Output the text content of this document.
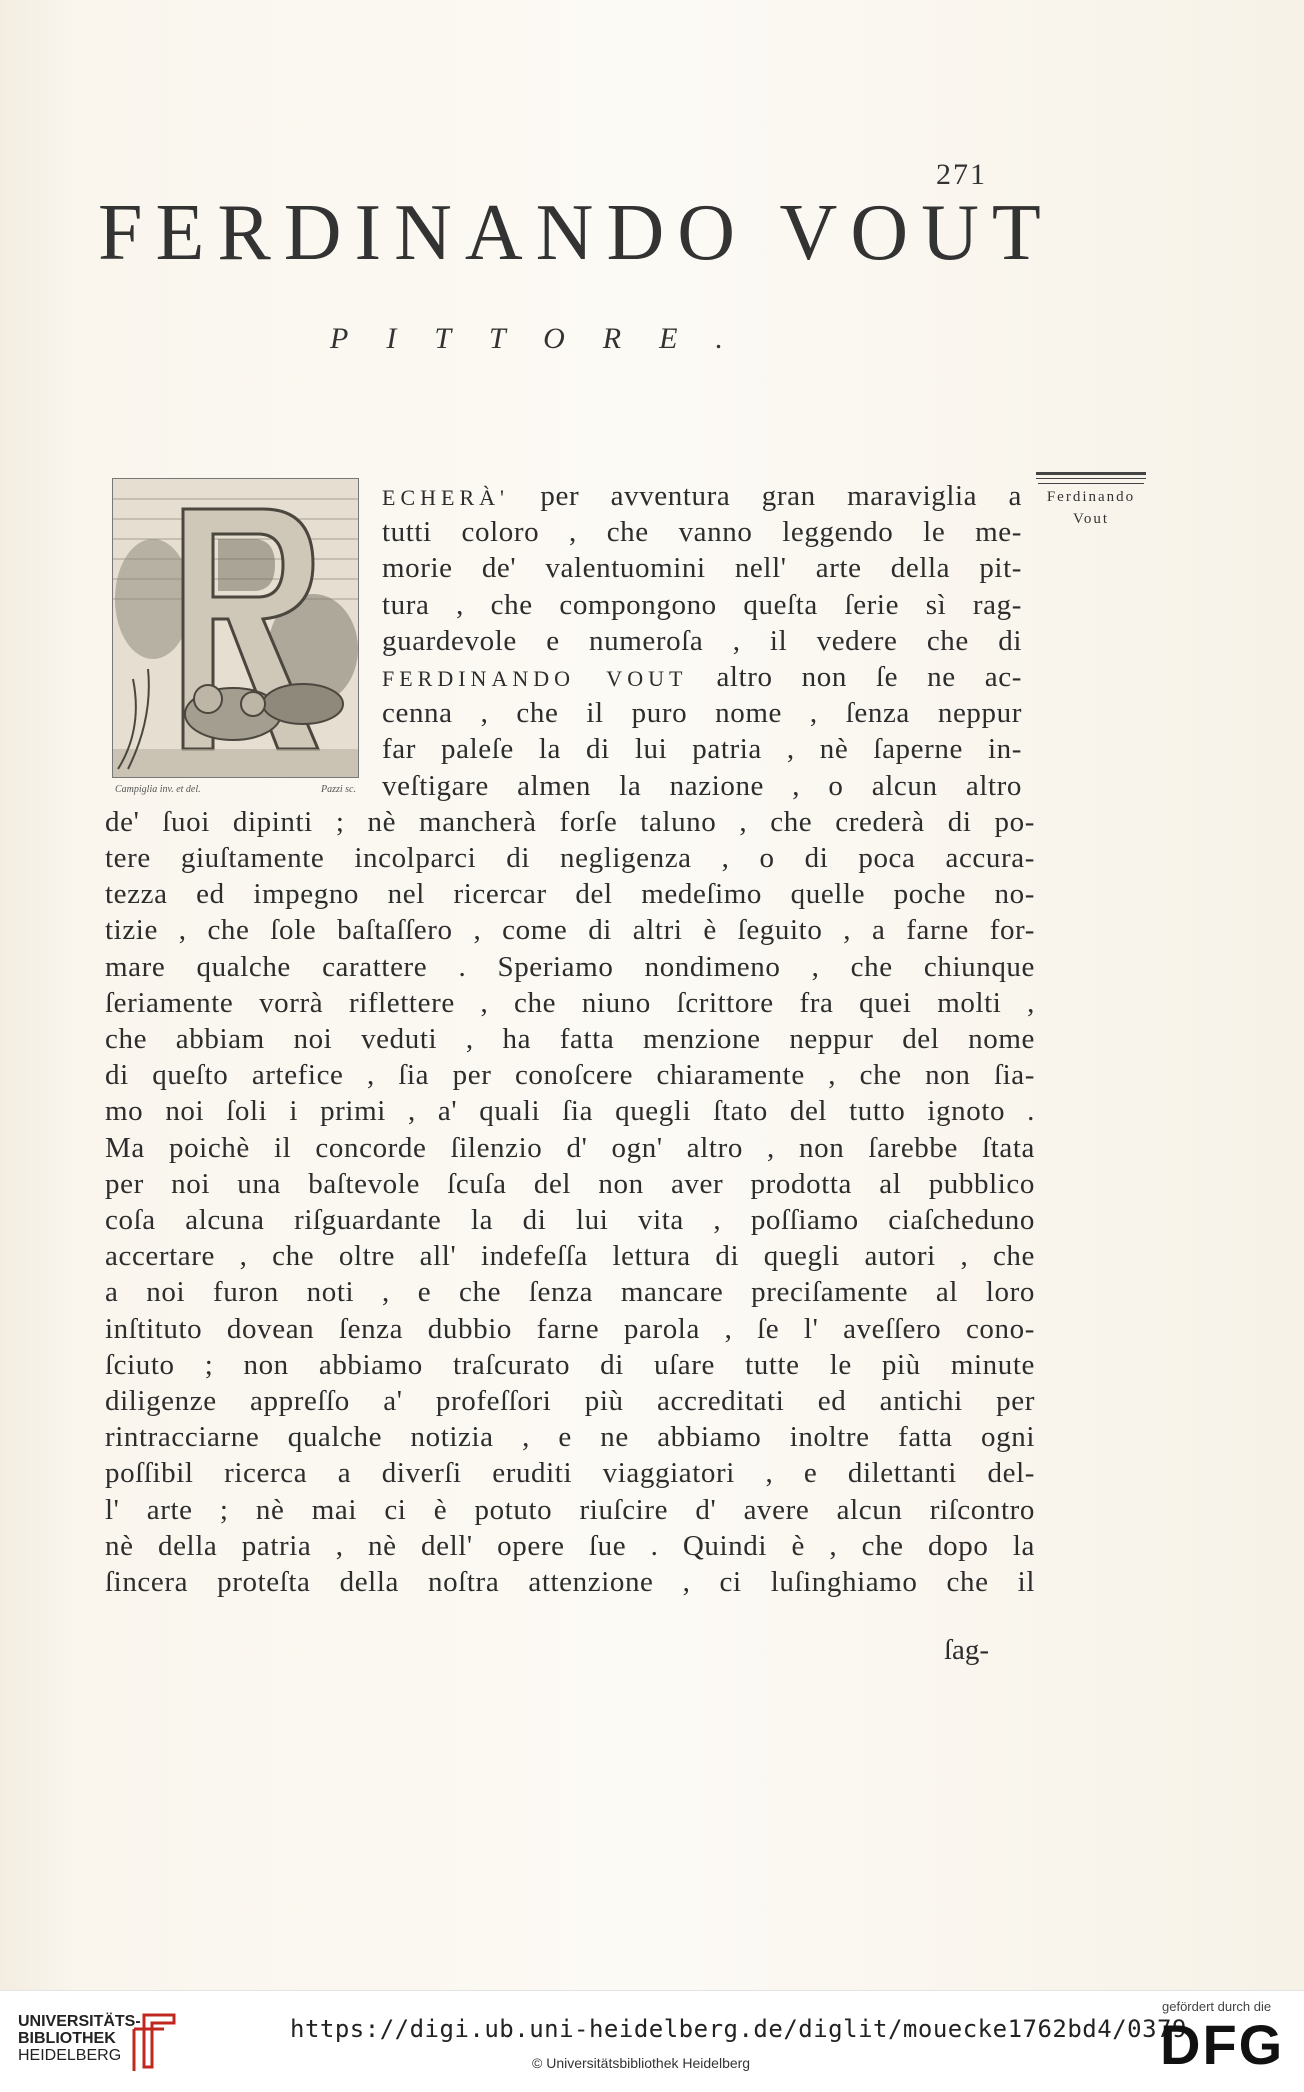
271
FERDINANDO VOUT
PITTORE.
Campiglia inv. et del.	Pazzi sc.
Ferdinando
Vout
ECHERÀ' per avventura gran maraviglia a
tutti coloro , che vanno leggendo le me-
morie de' valentuomini nell' arte della pit-
tura , che compongono queſta ſerie sì rag-
guardevole e numeroſa , il vedere che di
FERDINANDO VOUT altro non ſe ne ac-
cenna , che il puro nome , ſenza neppur
far paleſe la di lui patria , nè ſaperne in-
veſtigare almen la nazione , o alcun altro
de' ſuoi dipinti ; nè mancherà forſe taluno , che crederà di po-
tere giuſtamente incolparci di negligenza , o di poca accura-
tezza ed impegno nel ricercar del medeſimo quelle poche no-
tizie , che ſole baſtaſſero , come di altri è ſeguito , a farne for-
mare qualche carattere . Speriamo nondimeno , che chiunque
ſeriamente vorrà riflettere , che niuno ſcrittore fra quei molti ,
che abbiam noi veduti , ha fatta menzione neppur del nome
di queſto artefice , ſia per conoſcere chiaramente , che non ſia-
mo noi ſoli i primi , a' quali ſia quegli ſtato del tutto ignoto .
Ma poichè il concorde ſilenzio d' ogn' altro , non ſarebbe ſtata
per noi una baſtevole ſcuſa del non aver prodotta al pubblico
coſa alcuna riſguardante la di lui vita , poſſiamo ciaſcheduno
accertare , che oltre all' indefeſſa lettura di quegli autori , che
a noi furon noti , e che ſenza mancare preciſamente al loro
inſtituto dovean ſenza dubbio farne parola , ſe l' aveſſero cono-
ſciuto ; non abbiamo traſcurato di uſare tutte le più minute
diligenze appreſſo a' profeſſori più accreditati ed antichi per
rintracciarne qualche notizia , e ne abbiamo inoltre fatta ogni
poſſibil ricerca a diverſi eruditi viaggiatori , e dilettanti del-
l' arte ; nè mai ci è potuto riuſcire d' avere alcun riſcontro
nè della patria , nè dell' opere ſue . Quindi è , che dopo la
ſincera proteſta della noſtra attenzione , ci luſinghiamo che il
ſag-
UNIVERSITÄTS-
BIBLIOTHEK
HEIDELBERG
https://digi.ub.uni-heidelberg.de/diglit/mouecke1762bd4/0379
© Universitätsbibliothek Heidelberg
gefördert durch die
DFG
